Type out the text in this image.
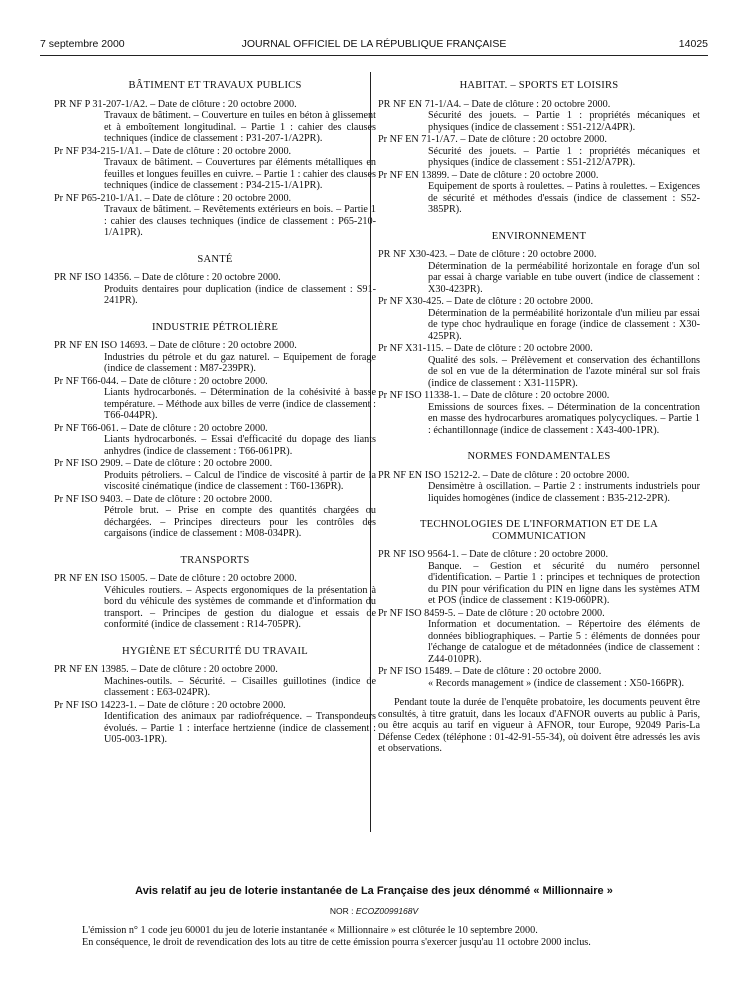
7 septembre 2000	JOURNAL OFFICIEL DE LA RÉPUBLIQUE FRANÇAISE	14025
BÂTIMENT ET TRAVAUX PUBLICS

PR NF P 31-207-1/A2. – Date de clôture : 20 octobre 2000.

Travaux de bâtiment. – Couverture en tuiles en béton à glissement et à emboîtement longitudinal. – Partie 1 : cahier des clauses techniques (indice de classement : P31-207-1/A2PR).

Pr NF P34-215-1/A1. – Date de clôture : 20 octobre 2000.

Travaux de bâtiment. – Couvertures par éléments métalliques en feuilles et longues feuilles en cuivre. – Partie 1 : cahier des clauses techniques (indice de classement : P34-215-1/A1PR).

Pr NF P65-210-1/A1. – Date de clôture : 20 octobre 2000.

Travaux de bâtiment. – Revêtements extérieurs en bois. – Partie 1 : cahier des clauses techniques (indice de classement : P65-210-1/A1PR).

SANTÉ

PR NF ISO 14356. – Date de clôture : 20 octobre 2000.

Produits dentaires pour duplication (indice de classement : S91-241PR).

INDUSTRIE PÉTROLIÈRE

PR NF EN ISO 14693. – Date de clôture : 20 octobre 2000.

Industries du pétrole et du gaz naturel. – Equipement de forage (indice de classement : M87-239PR).

Pr NF T66-044. – Date de clôture : 20 octobre 2000.

Liants hydrocarbonés. – Détermination de la cohésivité à basse température. – Méthode aux billes de verre (indice de classement : T66-044PR).

Pr NF T66-061. – Date de clôture : 20 octobre 2000.

Liants hydrocarbonés. – Essai d'efficacité du dopage des liants anhydres (indice de classement : T66-061PR).

Pr NF ISO 2909. – Date de clôture : 20 octobre 2000.

Produits pétroliers. – Calcul de l'indice de viscosité à partir de la viscosité cinématique (indice de classement : T60-136PR).

Pr NF ISO 9403. – Date de clôture : 20 octobre 2000.

Pétrole brut. – Prise en compte des quantités chargées ou déchargées. – Principes directeurs pour les contrôles des cargaisons (indice de classement : M08-034PR).

TRANSPORTS

PR NF EN ISO 15005. – Date de clôture : 20 octobre 2000.

Véhicules routiers. – Aspects ergonomiques de la présentation à bord du véhicule des systèmes de commande et d'information du transport. – Principes de gestion du dialogue et essais de conformité (indice de classement : R14-705PR).

HYGIÈNE ET SÉCURITÉ DU TRAVAIL

PR NF EN 13985. – Date de clôture : 20 octobre 2000.

Machines-outils. – Sécurité. – Cisailles guillotines (indice de classement : E63-024PR).

Pr NF ISO 14223-1. – Date de clôture : 20 octobre 2000.

Identification des animaux par radiofréquence. – Transpondeurs évolués. – Partie 1 : interface hertzienne (indice de classement : U05-003-1PR).

HABITAT. – SPORTS ET LOISIRS

PR NF EN 71-1/A4. – Date de clôture : 20 octobre 2000.

Sécurité des jouets. – Partie 1 : propriétés mécaniques et physiques (indice de classement : S51-212/A4PR).

Pr NF EN 71-1/A7. – Date de clôture : 20 octobre 2000.

Sécurité des jouets. – Partie 1 : propriétés mécaniques et physiques (indice de classement : S51-212/A7PR).

Pr NF EN 13899. – Date de clôture : 20 octobre 2000.

Equipement de sports à roulettes. – Patins à roulettes. – Exigences de sécurité et méthodes d'essais (indice de classement : S52-385PR).

ENVIRONNEMENT

PR NF X30-423. – Date de clôture : 20 octobre 2000.

Détermination de la perméabilité horizontale en forage d'un sol par essai à charge variable en tube ouvert (indice de classement : X30-423PR).

Pr NF X30-425. – Date de clôture : 20 octobre 2000.

Détermination de la perméabilité horizontale d'un milieu par essai de type choc hydraulique en forage (indice de classement : X30-425PR).

Pr NF X31-115. – Date de clôture : 20 octobre 2000.

Qualité des sols. – Prélèvement et conservation des échantillons de sol en vue de la détermination de l'azote minéral sur sol frais (indice de classement : X31-115PR).

Pr NF ISO 11338-1. – Date de clôture : 20 octobre 2000.

Emissions de sources fixes. – Détermination de la concentration en masse des hydrocarbures aromatiques polycycliques. – Partie 1 : échantillonnage (indice de classement : X43-400-1PR).

NORMES FONDAMENTALES

PR NF EN ISO 15212-2. – Date de clôture : 20 octobre 2000.

Densimètre à oscillation. – Partie 2 : instruments industriels pour liquides homogènes (indice de classement : B35-212-2PR).

TECHNOLOGIES DE L'INFORMATION ET DE LA COMMUNICATION

PR NF ISO 9564-1. – Date de clôture : 20 octobre 2000.

Banque. – Gestion et sécurité du numéro personnel d'identification. – Partie 1 : principes et techniques de protection du PIN pour vérification du PIN en ligne dans les systèmes ATM et POS (indice de classement : K19-060PR).

Pr NF ISO 8459-5. – Date de clôture : 20 octobre 2000.

Information et documentation. – Répertoire des éléments de données bibliographiques. – Partie 5 : éléments de données pour l'échange de catalogue et de métadonnées (indice de classement : Z44-010PR).

Pr NF ISO 15489. – Date de clôture : 20 octobre 2000.

« Records management » (indice de classement : X50-166PR).

Pendant toute la durée de l'enquête probatoire, les documents peuvent être consultés, à titre gratuit, dans les locaux d'AFNOR ouverts au public à Paris, ou être acquis au tarif en vigueur à AFNOR, tour Europe, 92049 Paris-La Défense Cedex (téléphone : 01-42-91-55-34), où doivent être adressés les avis et observations.

Avis relatif au jeu de loterie instantanée de La Française des jeux dénommé « Millionnaire »

NOR : ECOZ0099168V

L'émission n° 1 code jeu 60001 du jeu de loterie instantanée « Millionnaire » est clôturée le 10 septembre 2000.

En conséquence, le droit de revendication des lots au titre de cette émission pourra s'exercer jusqu'au 11 octobre 2000 inclus.
